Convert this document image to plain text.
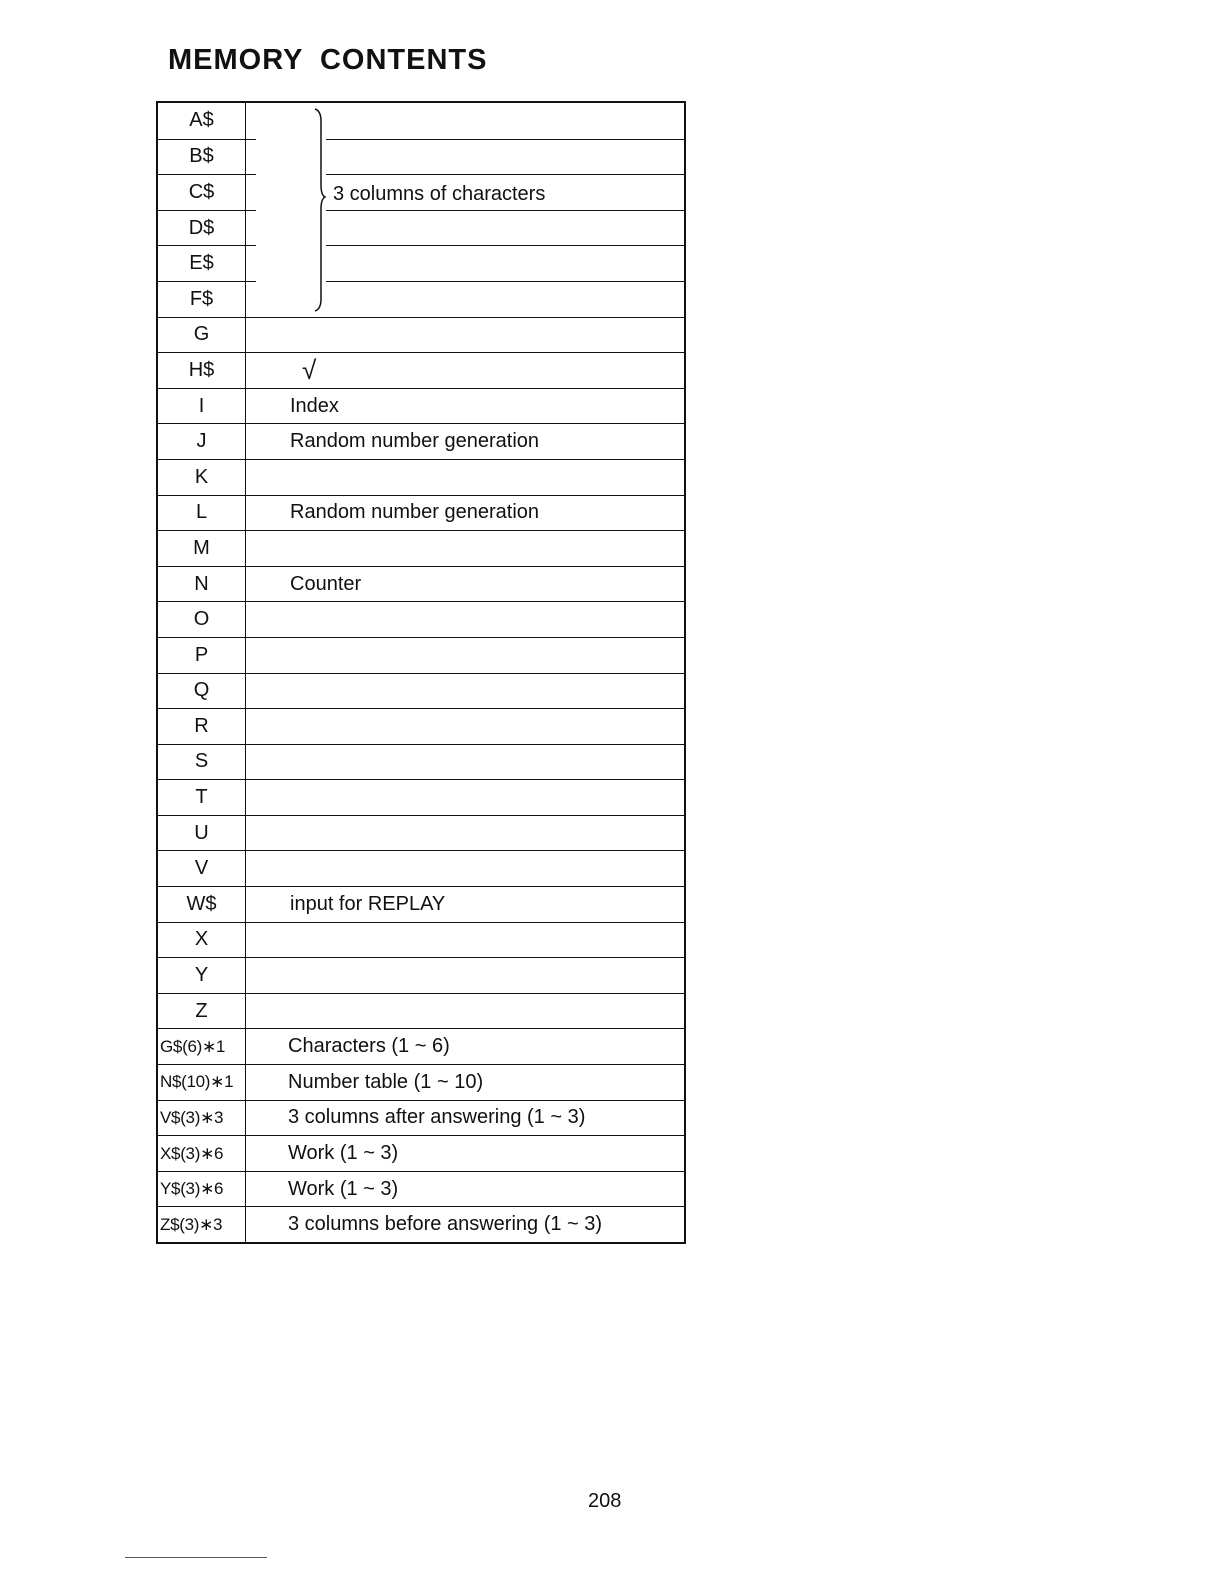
MEMORY CONTENTS
A$
B$
C$
D$
E$
F$
G
H$	√
I	Index
J	Random number generation
K
L	Random number generation
M
N	Counter
O
P
Q
R
S
T
U
V
W$	input for REPLAY
X
Y
Z
G$(6)∗1	Characters (1 ~ 6)
N$(10)∗1	Number table (1 ~ 10)
V$(3)∗3	3 columns after answering (1 ~ 3)
X$(3)∗6	Work (1 ~ 3)
Y$(3)∗6	Work (1 ~ 3)
Z$(3)∗3	3 columns before answering (1 ~ 3)
3 columns of characters
208
